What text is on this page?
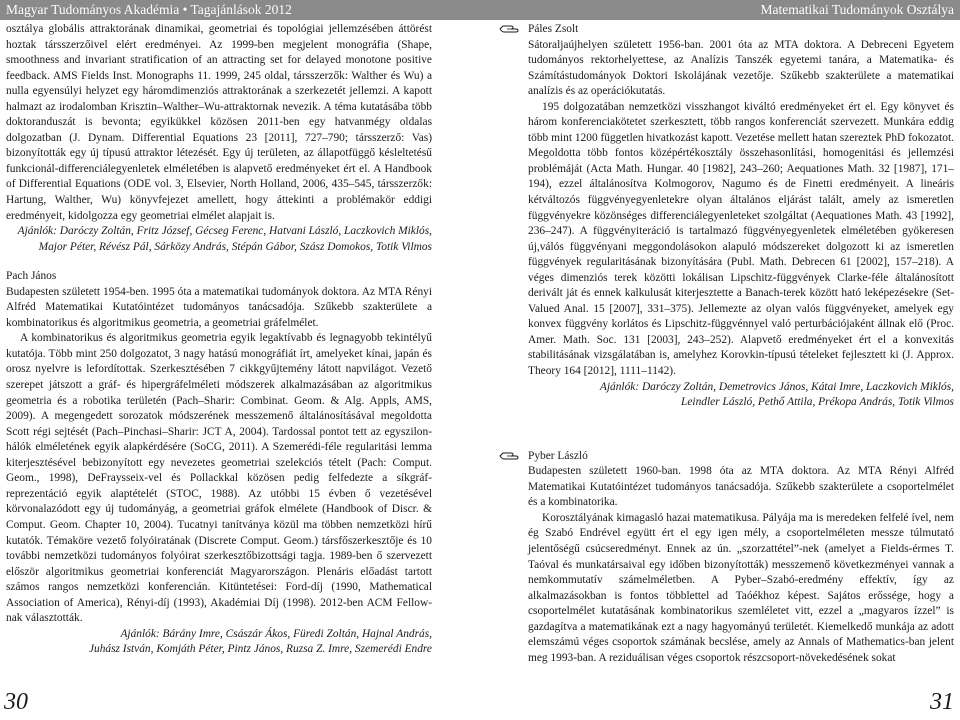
Magyar Tudományos Akadémia • Tagajánlások 2012	Matematikai Tudományok Osztálya

osztálya globális attraktorának dinamikai, geometriai és topológiai jellemzésében áttörést hoztak társszerzőivel elért eredményei. Az 1999-ben megjelent monográfia (Shape, smoothness and invariant stratification of an attracting set for delayed monotone positive feedback. AMS Fields Inst. Monographs 11. 1999, 245 oldal, társszerzők: Walther és Wu) a nulla egyensúlyi helyzet egy háromdimenziós attraktorának a szerkezetét jellemzi. A kapott halmazt az irodalomban Krisztin–Walther–Wu-attraktornak nevezik. A téma kutatásába több doktoranduszát is bevonta; egyikükkel közösen 2011-ben egy hatvanmégy oldalas dolgozatban (J. Dynam. Differential Equations 23 [2011], 727–790; társszerző: Vas) bizonyították egy új típusú attraktor létezését. Egy új területen, az állapotfüggő késleltetésű funkcionál-differenciálegyenletek elméletében is alapvető eredményeket ért el. A Handbook of Differential Equations (ODE vol. 3, Elsevier, North Holland, 2006, 435–545, társszerzők: Hartung, Walther, Wu) könyvfejezet amellett, hogy áttekinti a problémakör eddigi eredményeit, kidolgozza egy geometriai elmélet alapjait is.

Ajánlók: Daróczy Zoltán, Fritz József, Gécseg Ferenc, Hatvani László, Laczkovich Miklós,

Major Péter, Révész Pál, Sárközy András, Stépán Gábor, Szász Domokos, Totik Vilmos

Pach János

Budapesten született 1954-ben. 1995 óta a matematikai tudományok doktora. Az MTA Rényi Alfréd Matematikai Kutatóintézet tudományos tanácsadója. Szűkebb szakterülete a kombinatorikus és algoritmikus geometria, a geometriai gráfelmélet.

A kombinatorikus és algoritmikus geometria egyik legaktívabb és legnagyobb tekintélyű kutatója. Több mint 250 dolgozatot, 3 nagy hatású monográfiát írt, amelyeket kínai, japán és orosz nyelvre is lefordítottak. Szerkesztésében 7 cikkgyűjtemény látott napvilágot. Vezető szerepet játszott a gráf- és hipergráfelméleti módszerek alkalmazásában az algoritmikus geometria és a robotika területén (Pach–Sharir: Combinat. Geom. & Alg. Appls, AMS, 2009). A megengedett sorozatok módszerének messzemenő általánosításával megoldotta Scott régi sejtését (Pach–Pinchasi–Sharir: JCT A, 2004). Tardossal pontot tett az egyszilon-hálók elméletének egyik alapkérdésére (SoCG, 2011). A Szemerédi-féle regularitási lemma kiterjesztésével bebizonyított egy nevezetes geometriai szelekciós tételt (Pach: Comput. Geom., 1998), DeFraysseix-vel és Pollackkal közösen pedig felfedezte a síkgráf-reprezentáció egyik alaptételét (STOC, 1988). Az utóbbi 15 évben ő vezetésével körvonalazódott egy új tudományág, a geometriai gráfok elmélete (Handbook of Discr. & Comput. Geom. Chapter 10, 2004). Tucatnyi tanítványa közül ma többen nemzetközi hírű kutatók. Témaköre vezető folyóiratának (Discrete Comput. Geom.) társfőszerkesztője és 10 további nemzetközi tudományos folyóirat szerkesztőbizottsági tagja. 1989-ben ő szervezett először algoritmikus geometriai konferenciát Magyarországon. Plenáris előadást tartott számos rangos nemzetközi konferencián. Kitüntetései: Ford-díj (1990, Mathematical Association of America), Rényi-díj (1993), Akadémiai Díj (1998). 2012-ben ACM Fellow-nak választották.

Ajánlók: Bárány Imre, Császár Ákos, Füredi Zoltán, Hajnal András,

Juhász István, Komjáth Péter, Pintz János, Ruzsa Z. Imre, Szemerédi Endre

Páles Zsolt

Sátoraljaújhelyen született 1956-ban. 2001 óta az MTA doktora. A Debreceni Egyetem tudományos rektorhelyettese, az Analízis Tanszék egyetemi tanára, a Matematika- és Számítástudományok Doktori Iskolájának vezetője. Szűkebb szakterülete a matematikai analízis és az operációkutatás.

195 dolgozatában nemzetközi visszhangot kiváltó eredményeket ért el. Egy könyvet és három konferenciakötetet szerkesztett, több rangos konferenciát szervezett. Munkára eddig több mint 1200 független hivatkozást kapott. Vezetése mellett hatan szereztek PhD fokozatot. Megoldotta több fontos középértékosztály összehasonlítási, homogenitási és jellemzési problémáját (Acta Math. Hungar. 40 [1982], 243–260; Aequationes Math. 32 [1987], 171–194), ezzel általánosítva Kolmogorov, Nagumo és de Finetti eredményeit. A lineáris kétváltozós függvényegyenletekre olyan általános eljárást talált, amely az ismeretlen függvényekre közönséges differenciálegyenleteket szolgáltat (Aequationes Math. 43 [1992], 236–247). A függvényiteráció is tartalmazó függvényegyenletek elméletében gyökeresen új,válós függvényani meggondolásokon alapuló módszereket dolgozott ki az ismeretlen függvények regularitásának bizonyítására (Publ. Math. Debrecen 61 [2002], 157–218). A véges dimenziós terek közötti lokálisan Lipschitz-függvények Clarke-féle általánosított derivált ját és ennek kalkulusát kiterjesztette a Banach-terek között ható leképezésekre (Set-Valued Anal. 15 [2007], 331–375). Jellemezte az olyan valós függvényeket, amelyek egy konvex függvény korlátos és Lipschitz-függvénnyel való perturbációjaként állnak elő (Proc. Amer. Math. Soc. 131 [2003], 243–252). Alapvető eredményeket ért el a konvexitás stabilitásának vizsgálatában is, amelyhez Korovkin-típusú tételeket fejlesztett ki (J. Approx. Theory 164 [2012], 1111–1142).

Ajánlók: Daróczy Zoltán, Demetrovics János, Kátai Imre, Laczkovich Miklós,

Leindler László, Pethő Attila, Prékopa András, Totik Vilmos

Pyber László

Budapesten született 1960-ban. 1998 óta az MTA doktora. Az MTA Rényi Alfréd Matematikai Kutatóintézet tudományos tanácsadója. Szűkebb szakterülete a csoportelmélet és a kombinatorika.

Korosztályának kimagasló hazai matematikusa. Pályája ma is meredeken felfelé ível, nem ég Szabó Endrével együtt ért el egy igen mély, a csoportelméleten messze túlmutató jelentőségű csúcseredményt. Ennek az ún. „szorzattétel”-nek (amelyet a Fields-érmes T. Taóval és munkatársaival egy időben bizonyították) messzemenő következményei vannak a nemkommutatív számelméletben. A Pyber–Szabó-eredmény effektív, így az alkalmazásokban is fontos többlettel ad Taóékhoz képest. Sajátos erőssége, hogy a csoportelmélet kutatásának kombinatorikus szemléletet vitt, ezzel a „magyaros ízzel” is gazdagítva a matematikának ezt a nagy hagyományú területét. Kiemelkedő munkája az adott elemszámú véges csoportok számának becslése, amely az Annals of Mathematics-ban jelent meg 1993-ban. A reziduálisan véges csoportok részcsoport-növekedésének sokat

30	31
